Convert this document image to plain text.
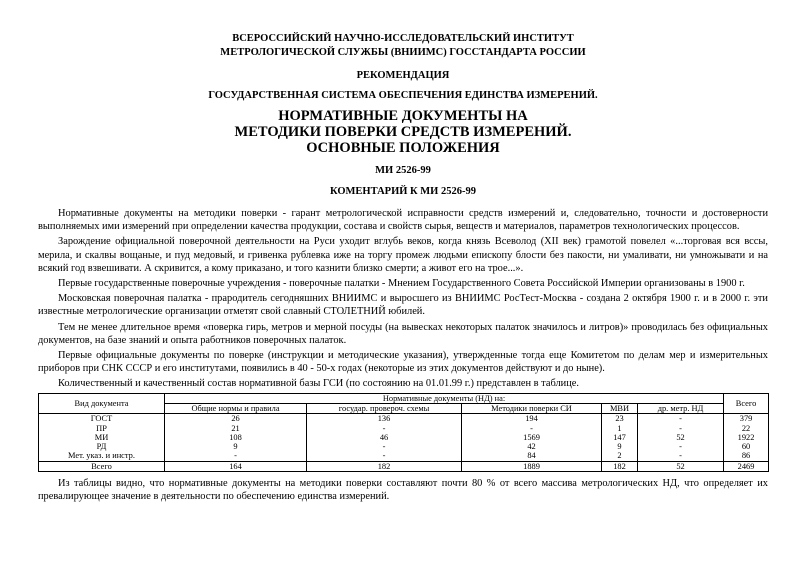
ВСЕРОССИЙСКИЙ НАУЧНО-ИССЛЕДОВАТЕЛЬСКИЙ ИНСТИТУТ
МЕТРОЛОГИЧЕСКОЙ СЛУЖБЫ (ВНИИМС) ГОССТАНДАРТА РОССИИ
РЕКОМЕНДАЦИЯ
ГОСУДАРСТВЕННАЯ СИСТЕМА ОБЕСПЕЧЕНИЯ ЕДИНСТВА ИЗМЕРЕНИЙ.
НОРМАТИВНЫЕ ДОКУМЕНТЫ НА
МЕТОДИКИ ПОВЕРКИ СРЕДСТВ ИЗМЕРЕНИЙ.
ОСНОВНЫЕ ПОЛОЖЕНИЯ
МИ 2526-99
КОМЕНТАРИЙ К МИ 2526-99

Нормативные документы на методики поверки - гарант метрологической исправности средств измерений и, следовательно, точности и достоверности выполняемых ими измерений при определении качества продукции, состава и свойств сырья, веществ и материалов, параметров технологических процессов.

Зарождение официальной поверочной деятельности на Руси уходит вглубь веков, когда князь Всеволод (XII век) грамотой повелел «...торговая вся вссы, мерила, и скалвы вощаные, и пуд медовый, и гривенка рублевка иже на торгу промеж людьми епископу блости без пакости, ни умаливати, ни умножывати и на всякий год взвешивати. А скривится, а кому приказано, и того казнити близко смерти; а живот его на трое...».

Первые государственные поверочные учреждения - поверочные палатки - Мнением Государственного Совета Российской Империи организованы в 1900 г.

Московская поверочная палатка - прародитель сегодняшних ВНИИМС и выросшего из ВНИИМС РосТест-Москва - создана 2 октября 1900 г. и в 2000 г. эти известные метрологические организации отметят свой славный СТОЛЕТНИЙ юбилей.

Тем не менее длительное время «поверка гирь, метров и мерной посуды (на вывесках некоторых палаток значилось и литров)» проводилась без официальных документов, на базе знаний и опыта работников поверочных палаток.

Первые официальные документы по поверке (инструкции и методические указания), утвержденные тогда еще Комитетом по делам мер и измерительных приборов при СНК СССР и его институтами, появились в 40 - 50-х годах (некоторые из этих документов действуют и до ныне).

Количественный и качественный состав нормативной базы ГСИ (по состоянию на 01.01.99 г.) представлен в таблице.

Вид документа	Нормативные документы (НД) на:					Всего
	Общие нормы и правила	государ. провероч. схемы	Методики поверки СИ	МВИ	др. метр. НД	
ГОСТ	26	136	194	23	-	379
ПР	21	-	-	1	-	22
МИ	108	46	1569	147	52	1922
РД	9	-	42	9	-	60
Мет. указ. и инстр.	-	-	84	2	-	86
Всего	164	182	1889	182	52	2469

Из таблицы видно, что нормативные документы на методики поверки составляют почти 80 % от всего массива метрологических НД, что определяет их превалирующее значение в деятельности по обеспечению единства измерений.
